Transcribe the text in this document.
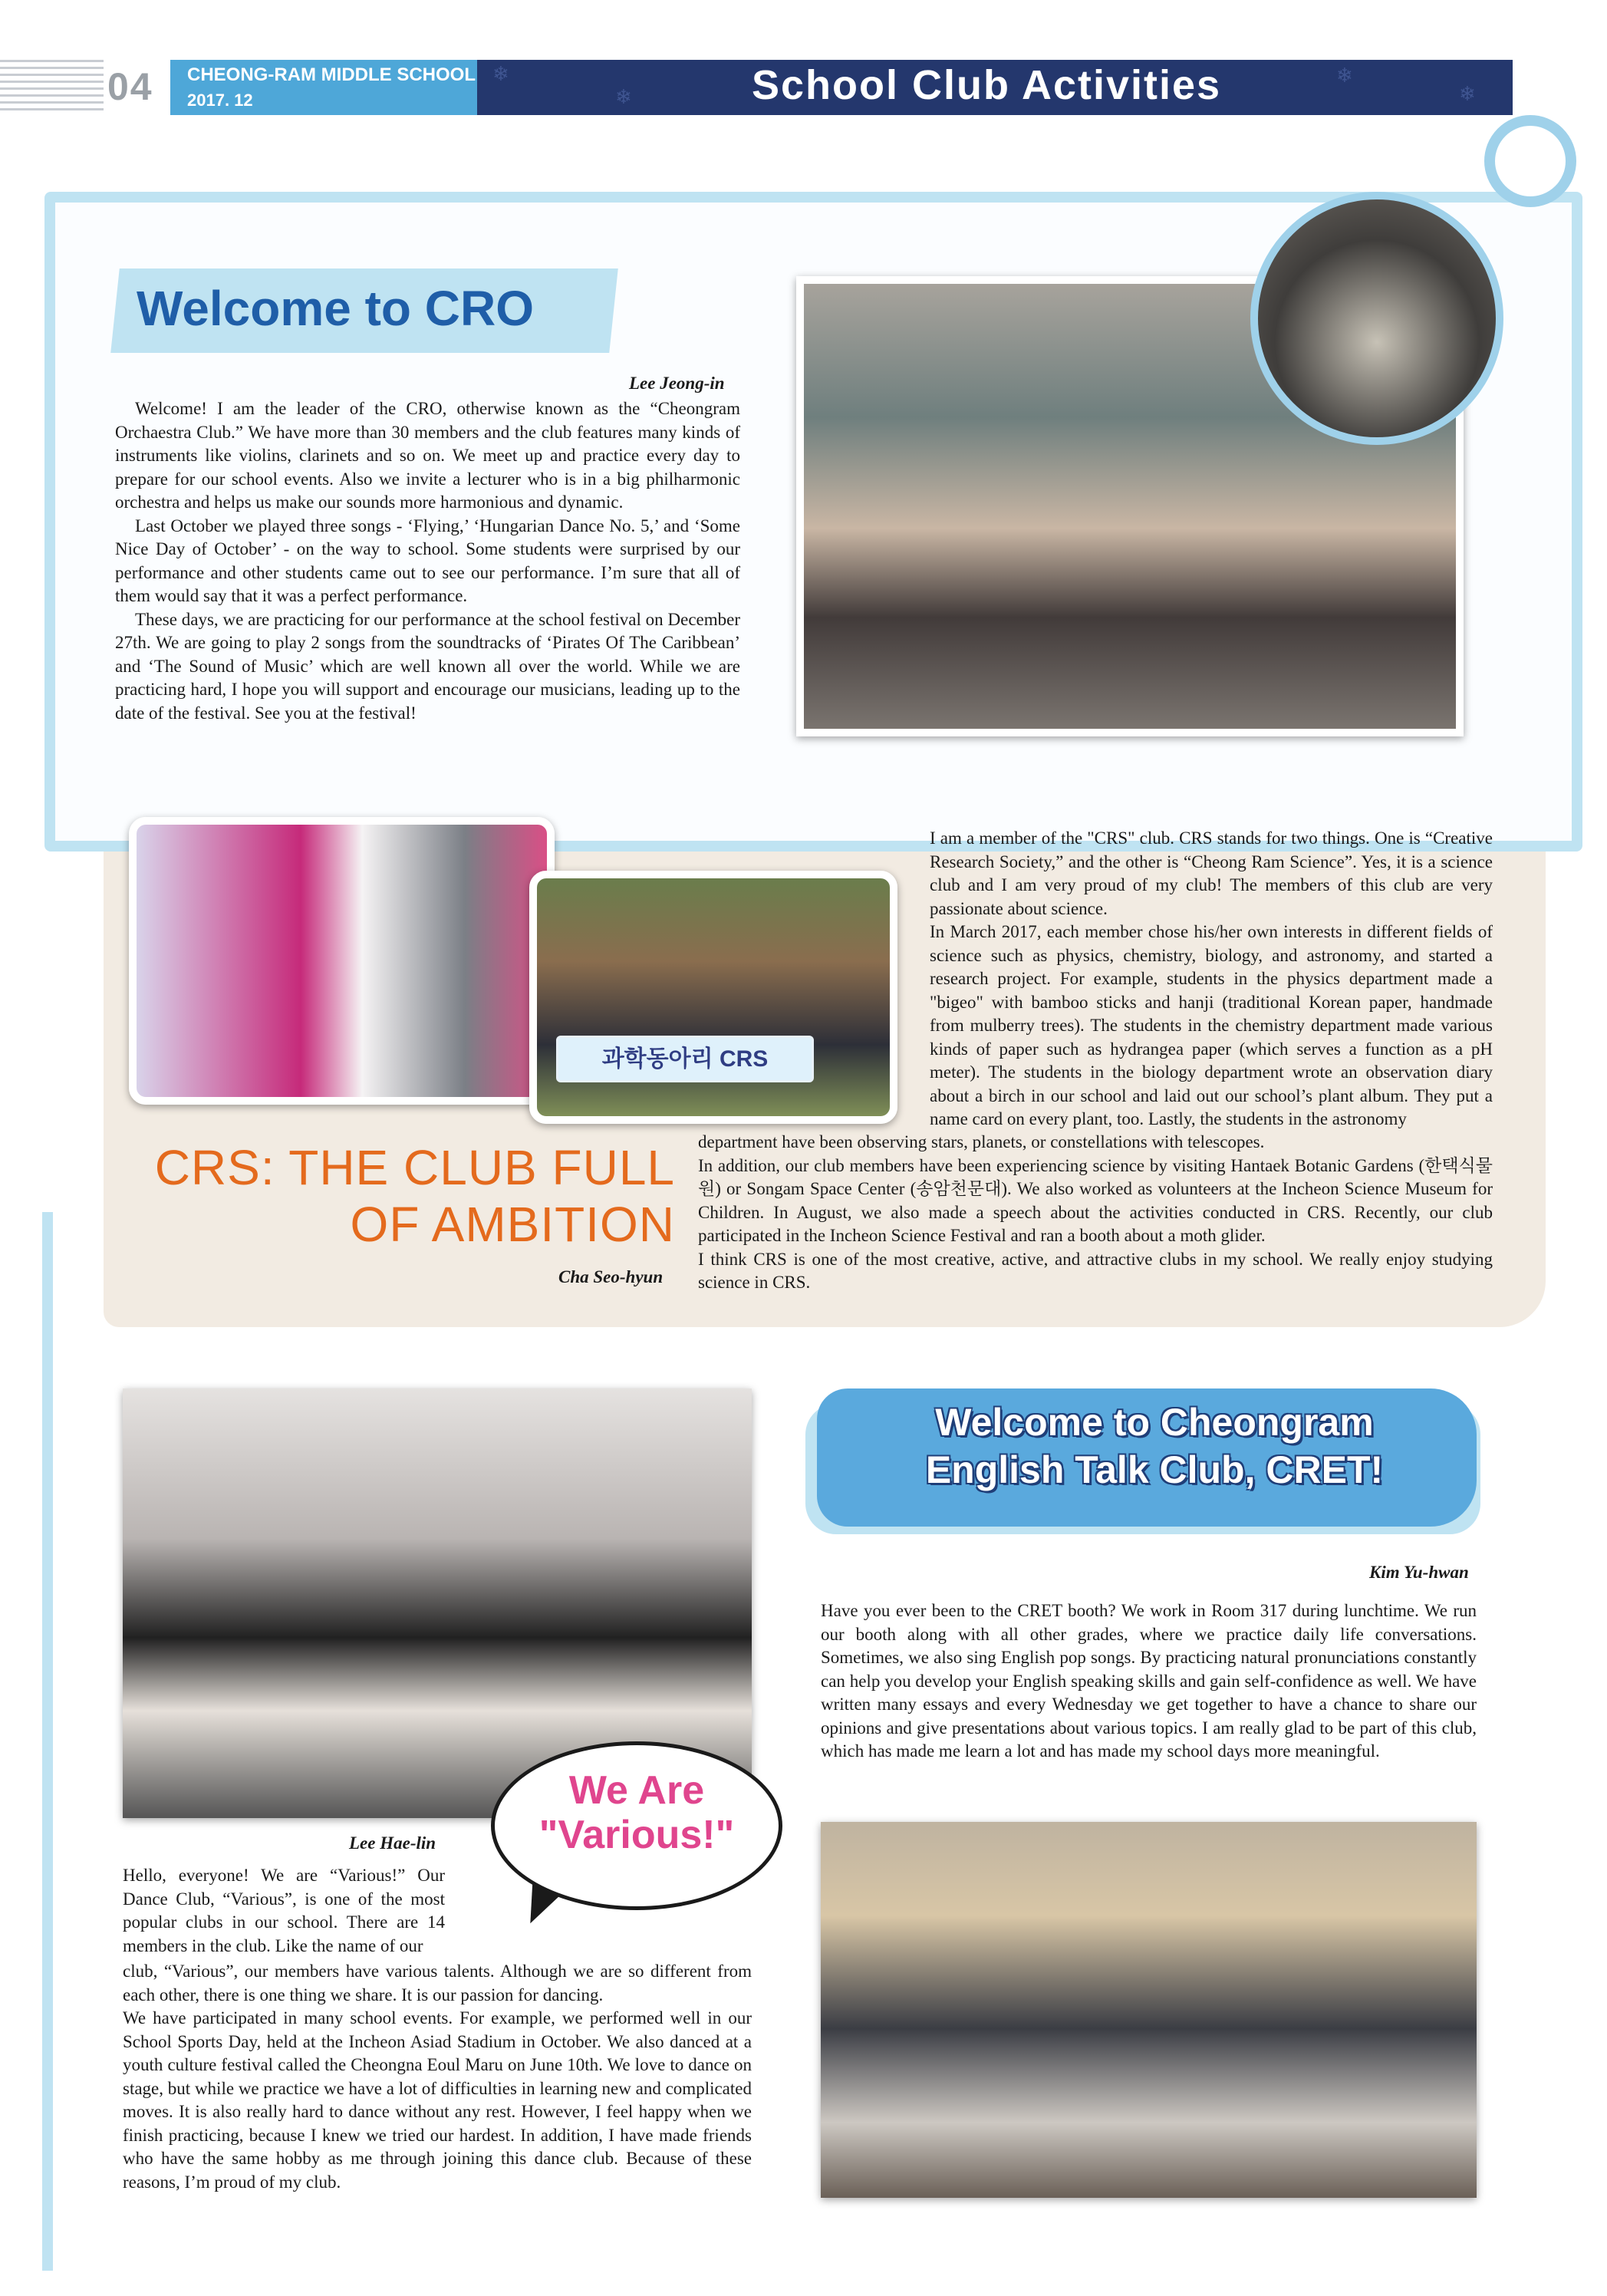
04 CHEONG-RAM MIDDLE SCHOOL
2017. 12
❄
❄
❄
❄
School Club Activities
Welcome to CRO
Lee Jeong-in

Welcome! I am the leader of the CRO, otherwise known as the “Cheongram Orchaestra Club.” We have more than 30 members and the club features many kinds of instruments like violins, clarinets and so on. We meet up and practice every day to prepare for our school events. Also we invite a lecturer who is in a big philharmonic orchestra and helps us make our sounds more harmonious and dynamic.

Last October we played three songs - ‘Flying,’ ‘Hungarian Dance No. 5,’ and ‘Some Nice Day of October’ - on the way to school. Some students were surprised by our performance and other students came out to see our performance. I’m sure that all of them would say that it was a perfect performance.

These days, we are practicing for our performance at the school festival on December 27th. We are going to play 2 songs from the soundtracks of ‘Pirates Of The Caribbean’ and ‘The Sound of Music’ which are well known all over the world. While we are practicing hard, I hope you will support and encourage our musicians, leading up to the date of the festival. See you at the festival!

과학동아리 CRS
CRS: THE CLUB FULL
OF AMBITION
Cha Seo-hyun

I am a member of the "CRS" club. CRS stands for two things. One is “Creative Research Society,” and the other is “Cheong Ram Science”. Yes, it is a science club and I am very proud of my club! The members of this club are very passionate about science.

In March 2017, each member chose his/her own interests in different fields of science such as physics, chemistry, biology, and astronomy, and started a research project. For example, students in the physics department made a "bigeo" with bamboo sticks and hanji (traditional Korean paper, handmade from mulberry trees). The students in the chemistry department made various kinds of paper such as hydrangea paper (which serves a function as a pH meter). The students in the biology department wrote an observation diary about a birch in our school and laid out our school’s plant album. They put a name card on every plant, too. Lastly, the students in the astronomy

department have been observing stars, planets, or constellations with telescopes.

In addition, our club members have been experiencing science by visiting Hantaek Botanic Gardens (한택식물원) or Songam Space Center (송암천문대). We also worked as volunteers at the Incheon Science Museum for Children. In August, we also made a speech about the activities conducted in CRS. Recently, our club participated in the Incheon Science Festival and ran a booth about a moth glider.

I think CRS is one of the most creative, active, and attractive clubs in my school. We really enjoy studying science in CRS.

We Are
"Various!"
Lee Hae-lin
Hello, everyone! We are “Various!” Our Dance Club, “Various”, is one of the most popular clubs in our school. There are 14 members in the club. Like the name of our

club, “Various”, our members have various talents. Although we are so different from each other, there is one thing we share. It is our passion for dancing.

We have participated in many school events. For example, we performed well in our School Sports Day, held at the Incheon Asiad Stadium in October. We also danced at a youth culture festival called the Cheongna Eoul Maru on June 10th. We love to dance on stage, but while we practice we have a lot of difficulties in learning new and complicated moves. It is also really hard to dance without any rest. However, I feel happy when we finish practicing, because I knew we tried our hardest. In addition, I have made friends who have the same hobby as me through joining this dance club. Because of these reasons, I’m proud of my club.

Welcome to Cheongram
English Talk Club, CRET!
Kim Yu-hwan

Have you ever been to the CRET booth? We work in Room 317 during lunchtime. We run our booth along with all other grades, where we practice daily life conversations. Sometimes, we also sing English pop songs. By practicing natural pronunciations constantly can help you develop your English speaking skills and gain self-confidence as well. We have written many essays and every Wednesday we get together to have a chance to share our opinions and give presentations about various topics. I am really glad to be part of this club, which has made me learn a lot and has made my school days more meaningful.
